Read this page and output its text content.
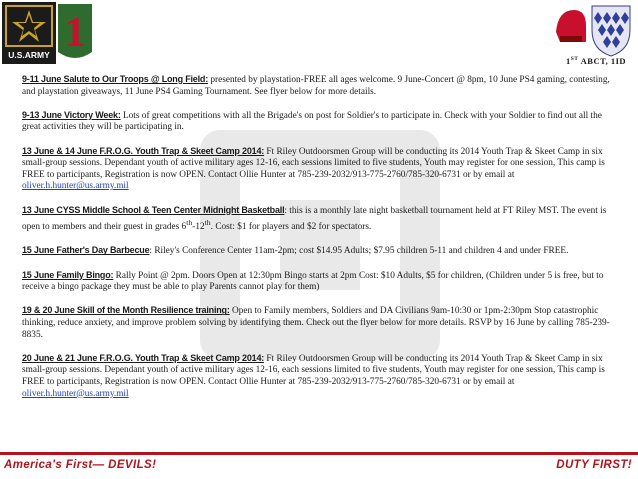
U.S.ARMY 1
1ST ABCT, 1ID

9-11 June Salute to Our Troops @ Long Field: presented by playstation-FREE all ages welcome. 9 June-Concert @ 8pm, 10 June PS4 gaming, contesting, and playstation giveaways, 11 June PS4 Gaming Tournament. See flyer below for more details.

9-13 June Victory Week: Lots of great competitions with all the Brigade's on post for Soldier's to participate in. Check with your Soldier to find out all the great activities they will be participating in.

13 June & 14 June F.R.O.G. Youth Trap & Skeet Camp 2014: Ft Riley Outdoorsmen Group will be conducting its 2014 Youth Trap & Skeet Camp in six small-group sessions. Dependant youth of active military ages 12-16, each sessions limited to five students, Youth may register for one session, This camp is FREE to participants, Registration is now OPEN. Contact Ollie Hunter at 785-239-2032/913-775-2760/785-320-6731 or by email at oliver.h.hunter@us.army.mil

13 June CYSS Middle School & Teen Center Midnight Basketball: this is a monthly late night basketball tournament held at FT Riley MST. The event is open to members and their guest in grades 6th-12th. Cost: $1 for players and $2 for spectators.

15 June Father's Day Barbecue: Riley's Conference Center 11am-2pm; cost $14.95 Adults; $7.95 children 5-11 and children 4 and under FREE.

15 June Family Bingo: Rally Point @ 2pm. Doors Open at 12:30pm Bingo starts at 2pm Cost: $10 Adults, $5 for children, (Children under 5 is free, but to receive a bingo package they must be able to play Parents cannot play for them)

19 & 20 June Skill of the Month Resilience training: Open to Family members, Soldiers and DA Civilians 9am-10:30 or 1pm-2:30pm Stop catastrophic thinking, reduce anxiety, and improve problem solving by identifying them. Check out the flyer below for more details. RSVP by 16 June by calling 785-239-8835.

20 June & 21 June F.R.O.G. Youth Trap & Skeet Camp 2014: Ft Riley Outdoorsmen Group will be conducting its 2014 Youth Trap & Skeet Camp in six small-group sessions. Dependant youth of active military ages 12-16, each sessions limited to five students, Youth may register for one session, This camp is FREE to participants, Registration is now OPEN. Contact Ollie Hunter at 785-239-2032/913-775-2760/785-320-6731 or by email at oliver.h.hunter@us.army.mil

America's First— DEVILS!	DUTY FIRST!
